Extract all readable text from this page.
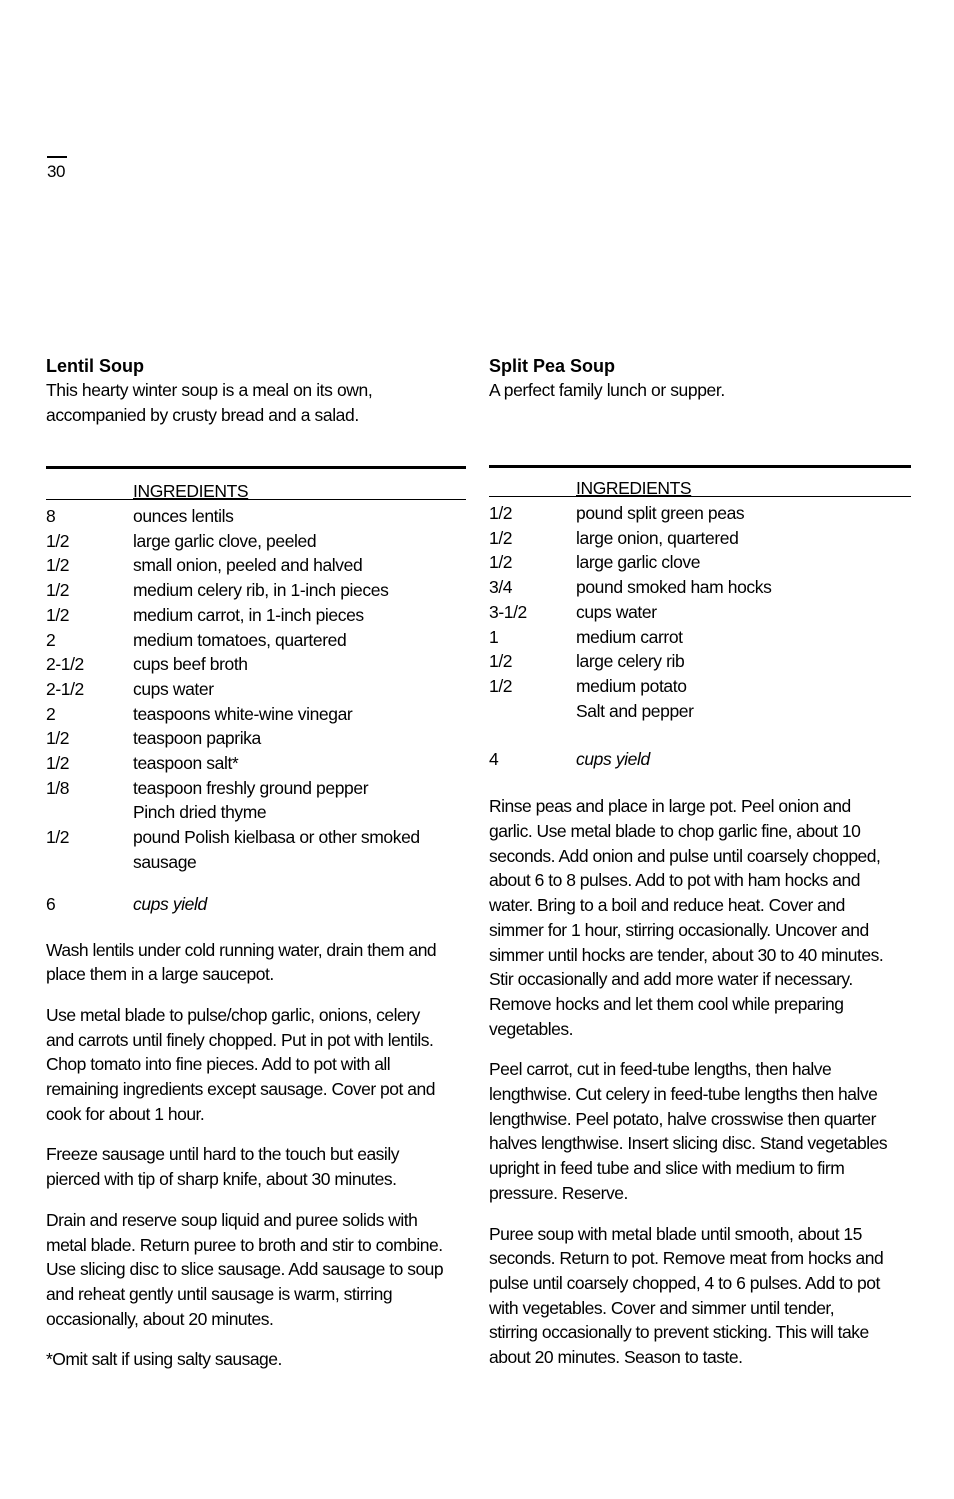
30
Lentil Soup
This hearty winter soup is a meal on its own,
accompanied by crusty bread and a salad.
INGREDIENTS
8	ounces lentils
1/2	large garlic clove, peeled
1/2	small onion, peeled and halved
1/2	medium celery rib, in 1-inch pieces
1/2	medium carrot, in 1-inch pieces
2	medium tomatoes, quartered
2-1/2	cups beef broth
2-1/2	cups water
2	teaspoons white-wine vinegar
1/2	teaspoon paprika
1/2	teaspoon salt*
1/8	teaspoon freshly ground pepper
Pinch dried thyme
1/2	pound Polish kielbasa or other smoked
sausage
6	cups yield
Wash lentils under cold running water, drain them and
place them in a large saucepot.
Use metal blade to pulse/chop garlic, onions, celery
and carrots until finely chopped. Put in pot with lentils.
Chop tomato into fine pieces. Add to pot with all
remaining ingredients except sausage. Cover pot and
cook for about 1 hour.
Freeze sausage until hard to the touch but easily
pierced with tip of sharp knife, about 30 minutes.
Drain and reserve soup liquid and puree solids with
metal blade. Return puree to broth and stir to combine.
Use slicing disc to slice sausage. Add sausage to soup
and reheat gently until sausage is warm, stirring
occasionally, about 20 minutes.
*Omit salt if using salty sausage.
Split Pea Soup
A perfect family lunch or supper.
INGREDIENTS
1/2	pound split green peas
1/2	large onion, quartered
1/2	large garlic clove
3/4	pound smoked ham hocks
3-1/2	cups water
1	medium carrot
1/2	large celery rib
1/2	medium potato
Salt and pepper
4	cups yield
Rinse peas and place in large pot. Peel onion and
garlic. Use metal blade to chop garlic fine, about 10
seconds. Add onion and pulse until coarsely chopped,
about 6 to 8 pulses. Add to pot with ham hocks and
water. Bring to a boil and reduce heat. Cover and
simmer for 1 hour, stirring occasionally. Uncover and
simmer until hocks are tender, about 30 to 40 minutes.
Stir occasionally and add more water if necessary.
Remove hocks and let them cool while preparing
vegetables.
Peel carrot, cut in feed-tube lengths, then halve
lengthwise. Cut celery in feed-tube lengths then halve
lengthwise. Peel potato, halve crosswise then quarter
halves lengthwise. Insert slicing disc. Stand vegetables
upright in feed tube and slice with medium to firm
pressure. Reserve.
Puree soup with metal blade until smooth, about 15
seconds. Return to pot. Remove meat from hocks and
pulse until coarsely chopped, 4 to 6 pulses. Add to pot
with vegetables. Cover and simmer until tender,
stirring occasionally to prevent sticking. This will take
about 20 minutes. Season to taste.
